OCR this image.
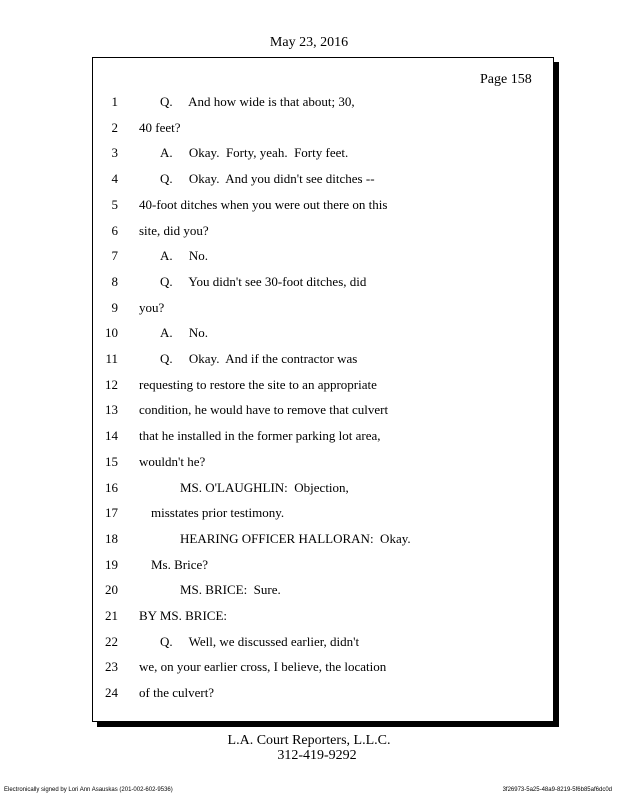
May 23, 2016
Page 158
1	Q.     And how wide is that about; 30,
2 40 feet?
3	A.     Okay.  Forty, yeah.  Forty feet.
4	Q.     Okay.  And you didn't see ditches --
5 40-foot ditches when you were out there on this
6 site, did you?
7	A.     No.
8	Q.     You didn't see 30-foot ditches, did
9 you?
10	A.     No.
11	Q.     Okay.  And if the contractor was
12 requesting to restore the site to an appropriate
13 condition, he would have to remove that culvert
14 that he installed in the former parking lot area,
15 wouldn't he?
16	MS. O'LAUGHLIN:  Objection,
17	misstates prior testimony.
18	HEARING OFFICER HALLORAN:  Okay.
19	Ms. Brice?
20	MS. BRICE:  Sure.
21 BY MS. BRICE:
22	Q.     Well, we discussed earlier, didn't
23 we, on your earlier cross, I believe, the location
24 of the culvert?
L.A. Court Reporters, L.L.C.
312-419-9292
Electronically signed by Lori Ann Asauskas (201-002-602-9536)	3f26973-5a25-48a9-8219-5f6b85af6dc0d
